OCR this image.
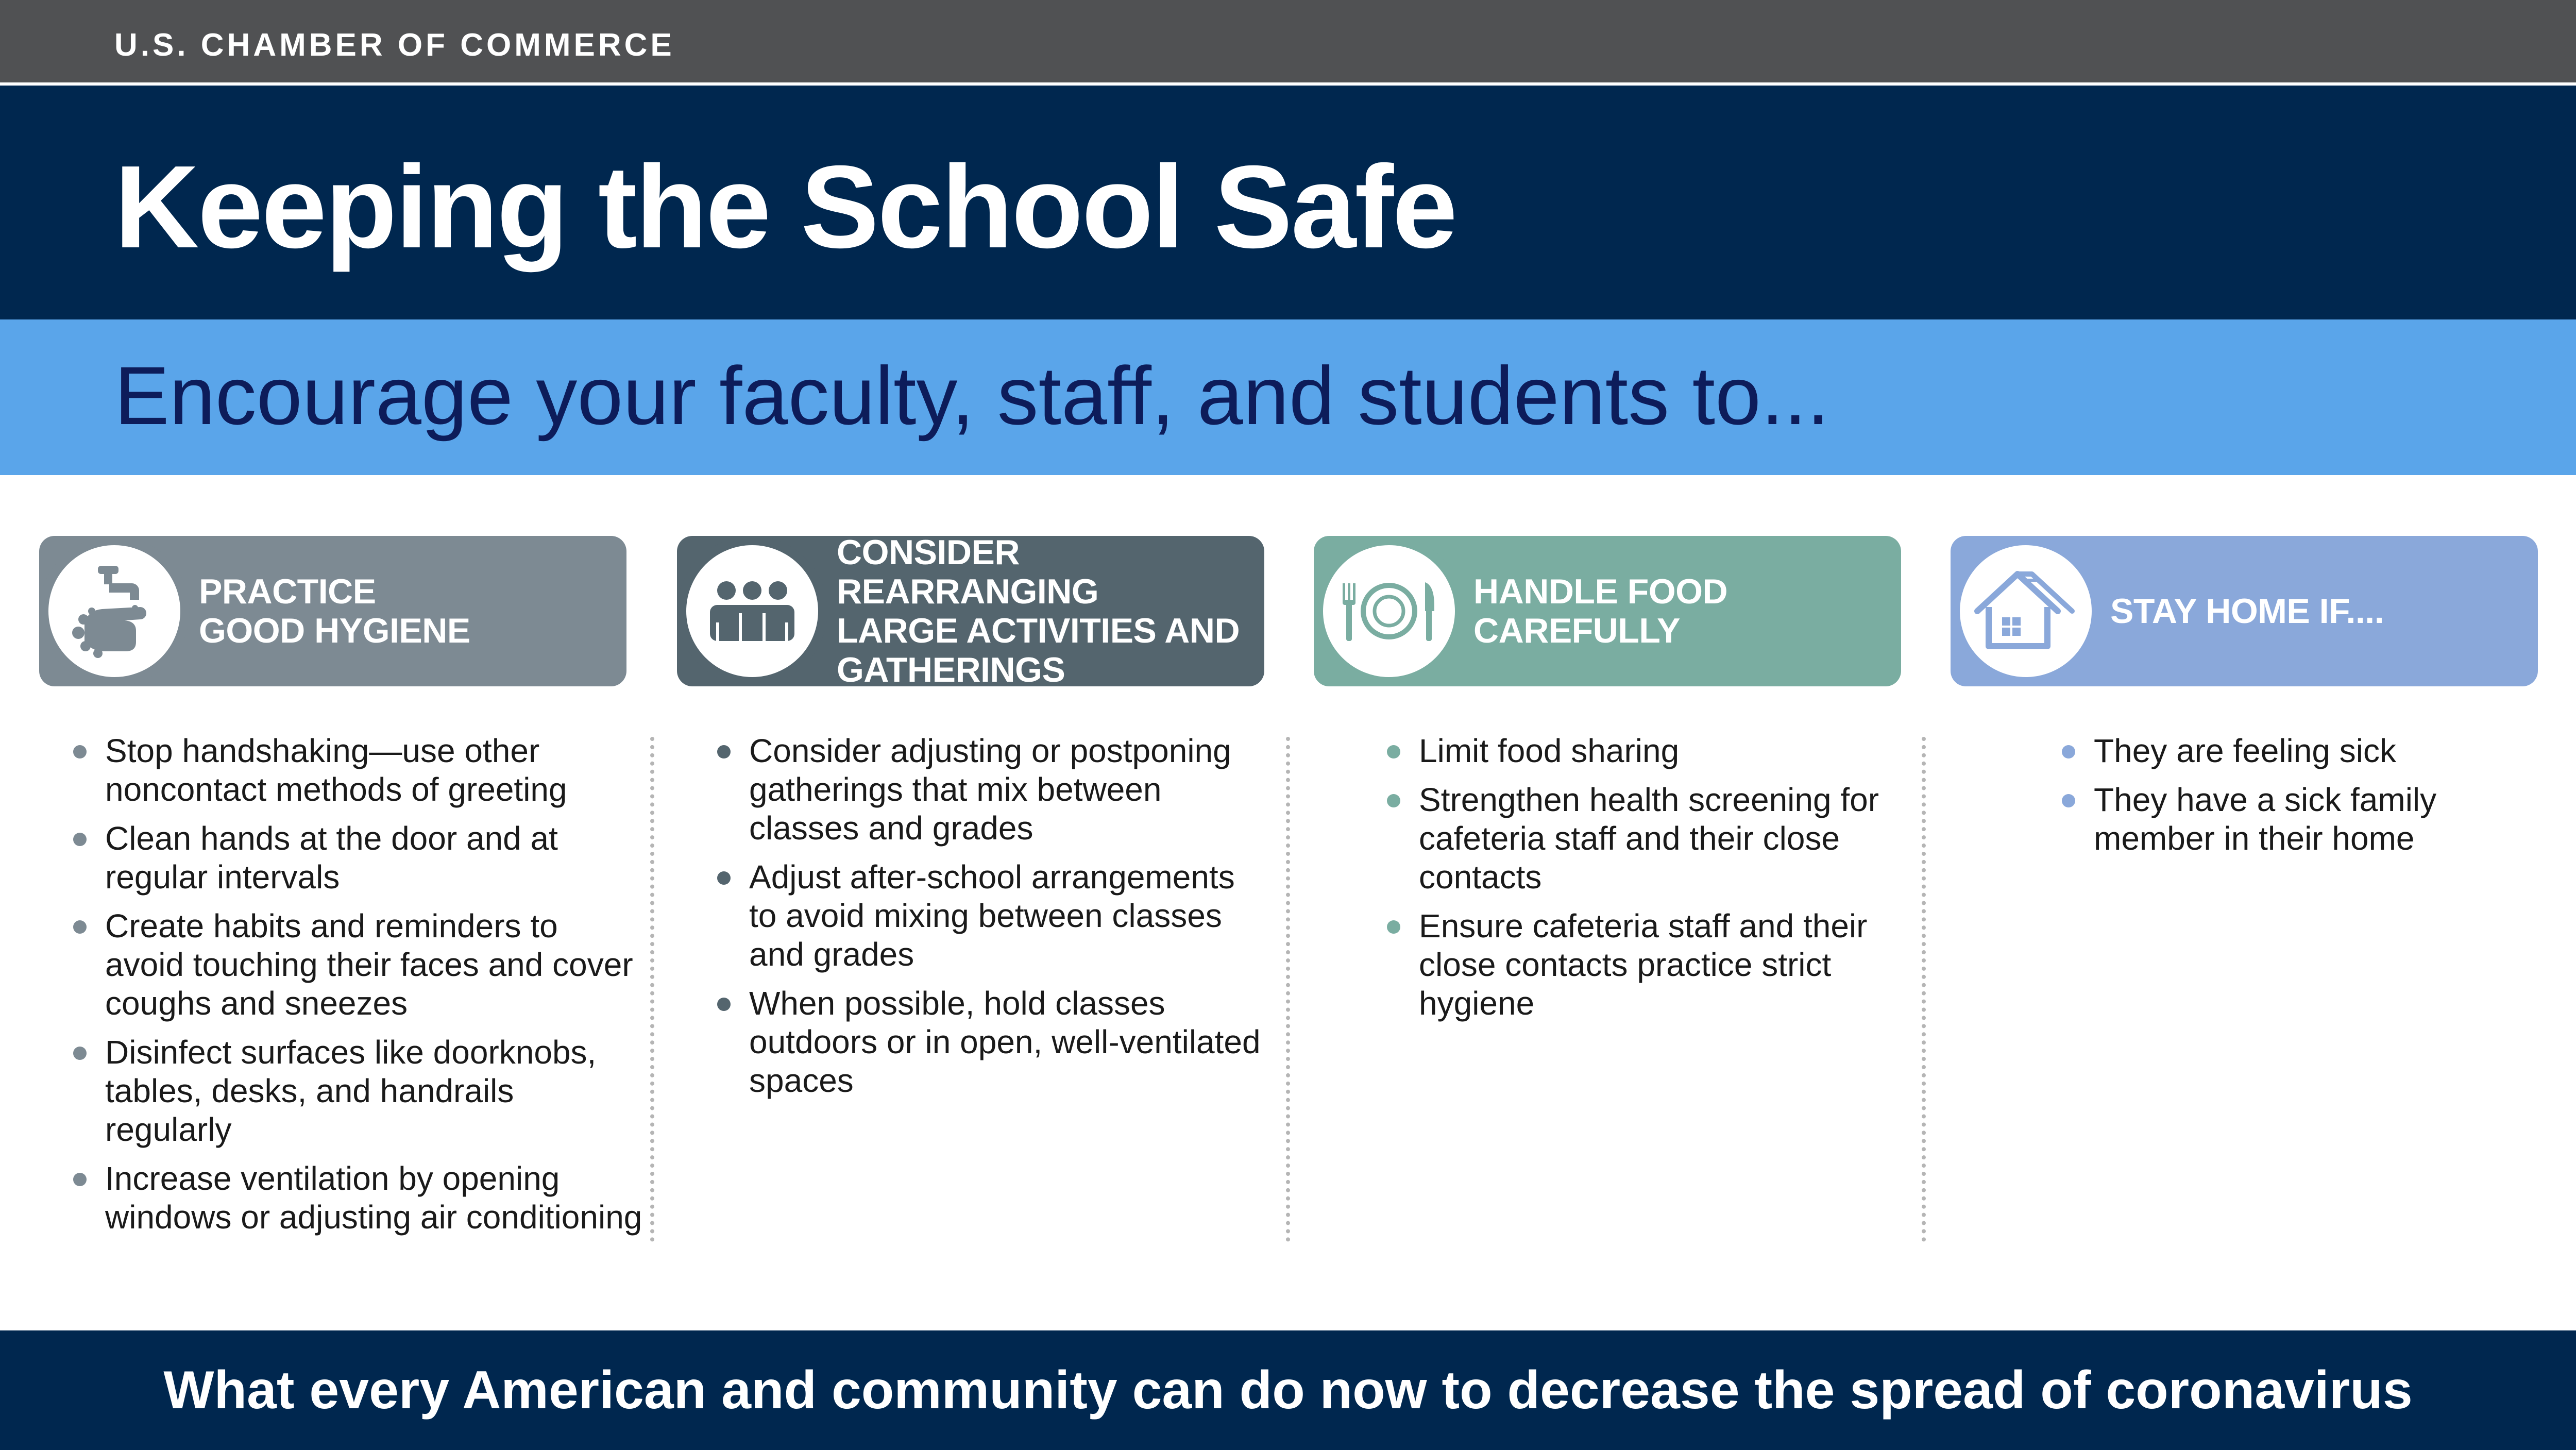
U.S. CHAMBER OF COMMERCE
Keeping the School Safe
Encourage your faculty, staff, and students to...
PRACTICE
GOOD HYGIENE
CONSIDER REARRANGING
LARGE ACTIVITIES AND
GATHERINGS
HANDLE FOOD
CAREFULLY
STAY HOME IF....
Stop handshaking—use other noncontact methods of greeting
Clean hands at the door and at regular intervals
Create habits and reminders to avoid touching their faces and cover coughs and sneezes
Disinfect surfaces like doorknobs, tables, desks, and handrails regularly
Increase ventilation by opening windows or adjusting air conditioning
Consider adjusting or postponing gatherings that mix between classes and grades
Adjust after-school arrangements to avoid mixing between classes and grades
When possible, hold classes outdoors or in open, well-ventilated spaces
Limit food sharing
Strengthen health screening for cafeteria staff and their close contacts
Ensure cafeteria staff and their close contacts practice strict hygiene
They are feeling sick
They have a sick family member in their home

What every American and community can do now to decrease the spread of coronavirus
